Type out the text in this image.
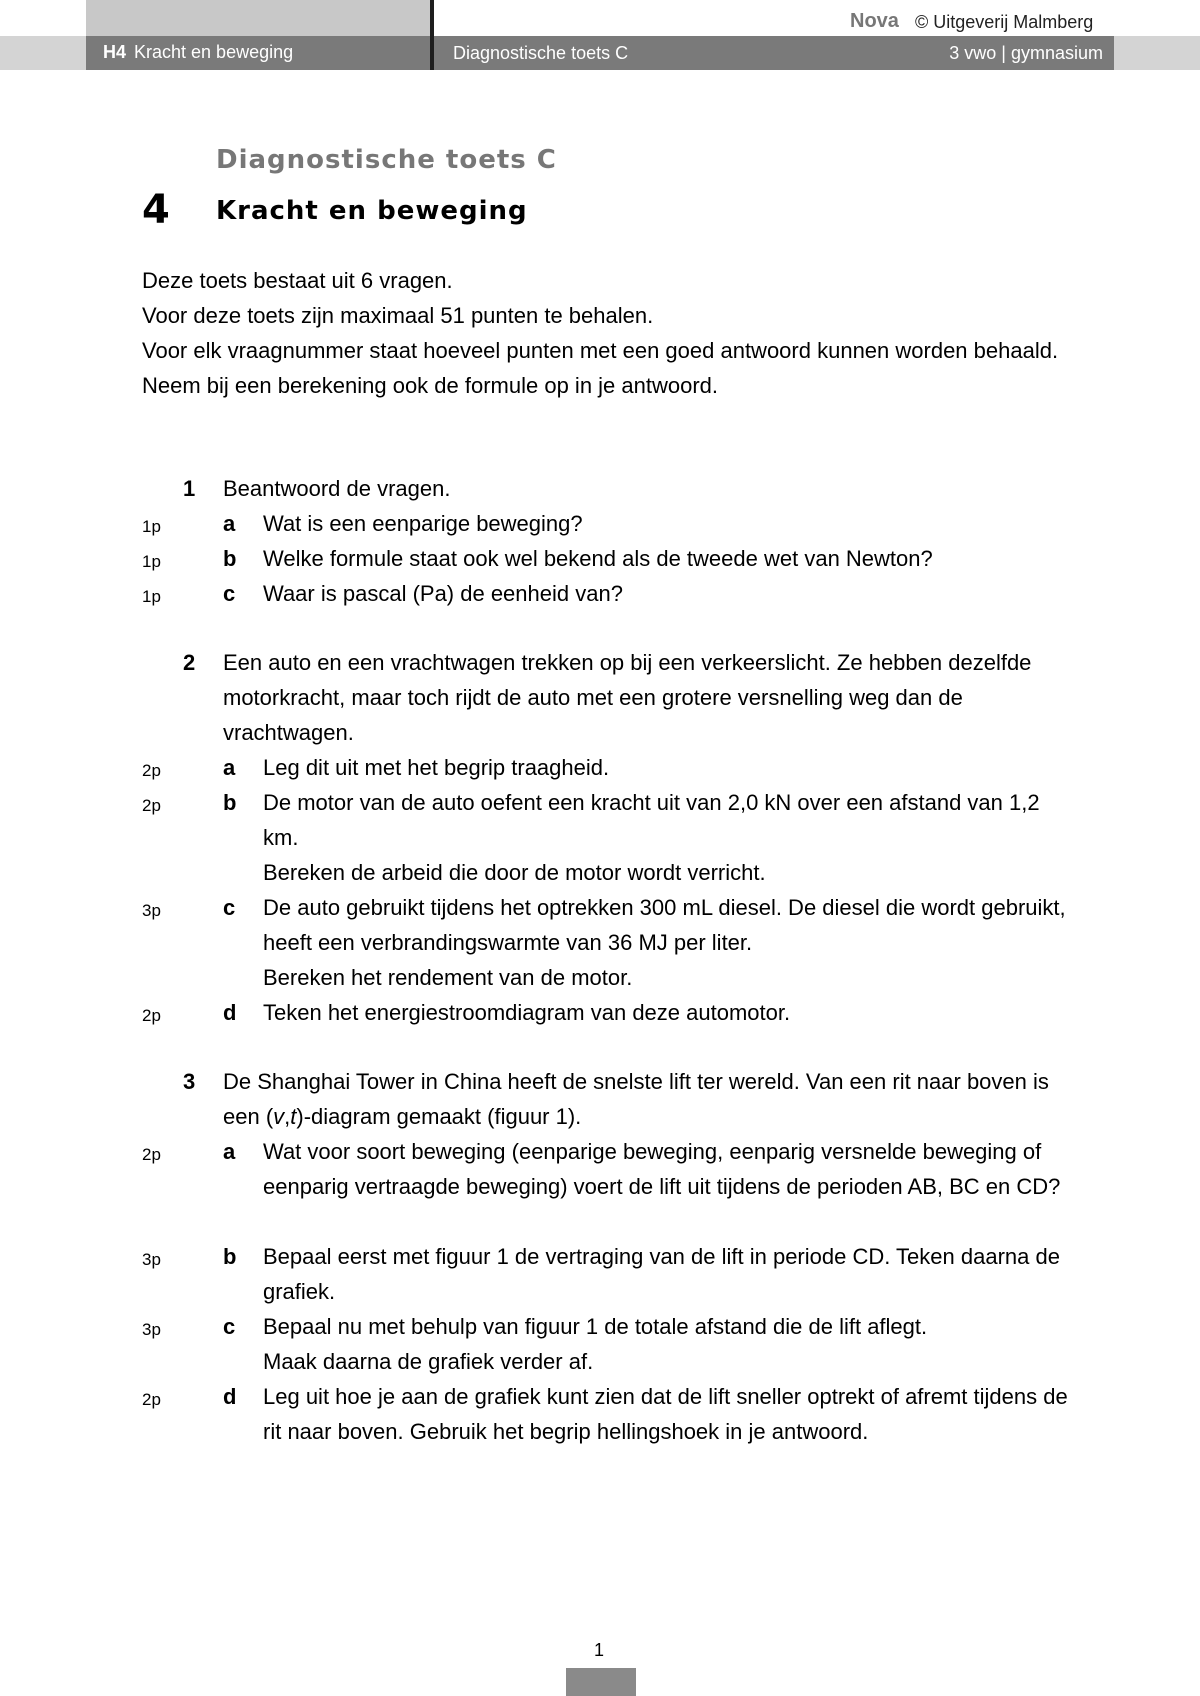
Nova © Uitgeverij Malmberg
H4 Kracht en beweging	Diagnostische toets C	3 vwo | gymnasium
Diagnostische toets C
4 Kracht en beweging

Deze toets bestaat uit 6 vragen.

Voor deze toets zijn maximaal 51 punten te behalen.

Voor elk vraagnummer staat hoeveel punten met een goed antwoord kunnen worden behaald.

Neem bij een berekening ook de formule op in je antwoord.

1 Beantwoord de vragen.
1p	a Wat is een eenparige beweging?
1p	b Welke formule staat ook wel bekend als de tweede wet van Newton?
1p	c Waar is pascal (Pa) de eenheid van?
2 Een auto en een vrachtwagen trekken op bij een verkeerslicht. Ze hebben dezelfde motorkracht, maar toch rijdt de auto met een grotere versnelling weg dan de vrachtwagen.
2p	a Leg dit uit met het begrip traagheid.
2p	b De motor van de auto oefent een kracht uit van 2,0 kN over een afstand van 1,2 km.
Bereken de arbeid die door de motor wordt verricht.
3p	c De auto gebruikt tijdens het optrekken 300 mL diesel. De diesel die wordt gebruikt, heeft een verbrandingswarmte van 36 MJ per liter.
Bereken het rendement van de motor.
2p	d Teken het energiestroomdiagram van deze automotor.
3 De Shanghai Tower in China heeft de snelste lift ter wereld. Van een rit naar boven is een (v,t)-diagram gemaakt (figuur 1).
2p	a Wat voor soort beweging (eenparige beweging, eenparig versnelde beweging of eenparig vertraagde beweging) voert de lift uit tijdens de perioden AB, BC en CD?
3p	b Bepaal eerst met figuur 1 de vertraging van de lift in periode CD. Teken daarna de grafiek.
3p	c Bepaal nu met behulp van figuur 1 de totale afstand die de lift aflegt.
Maak daarna de grafiek verder af.
2p	d Leg uit hoe je aan de grafiek kunt zien dat de lift sneller optrekt of afremt tijdens de rit naar boven. Gebruik het begrip hellingshoek in je antwoord.
1
